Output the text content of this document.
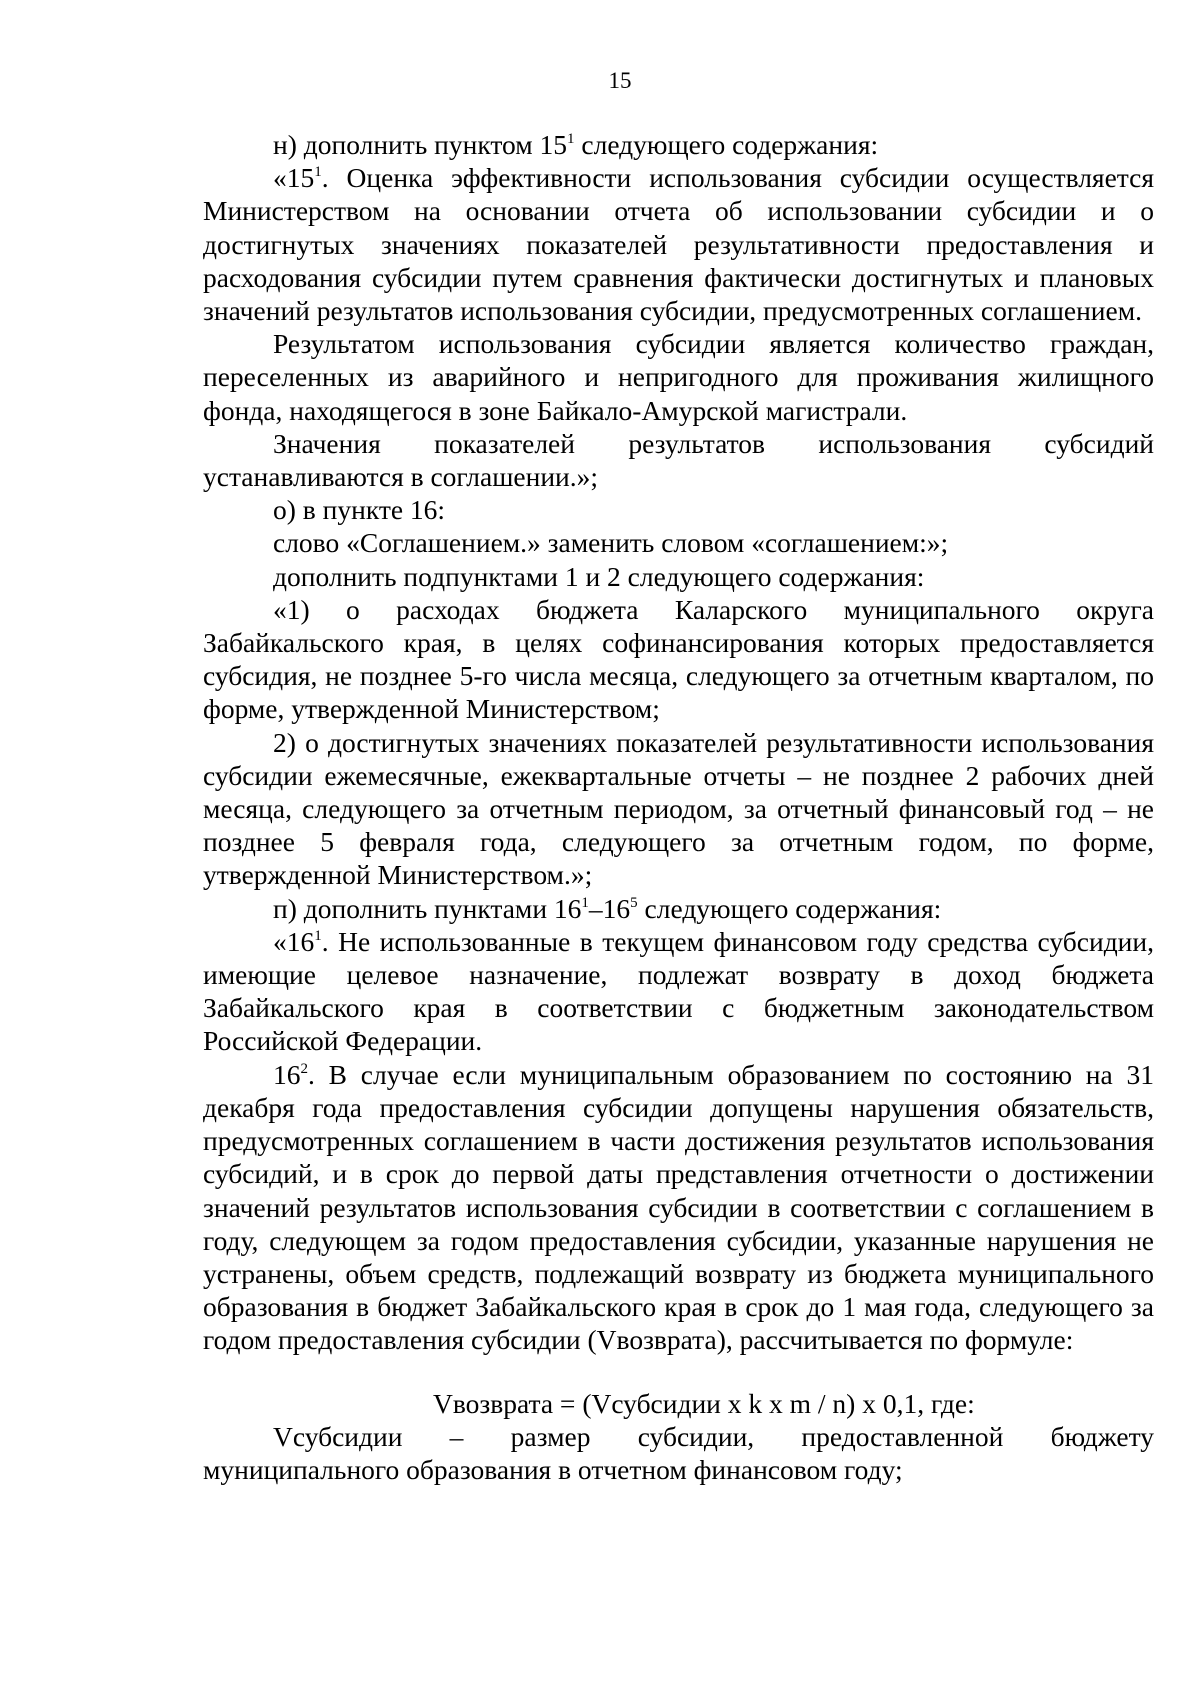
15

н) дополнить пунктом $15^1$ следующего содержания:

«$15^1$. Оценка эффективности использования субсидии осуществляется Министерством на основании отчета об использовании субсидии и о достигнутых значениях показателей результативности предоставления и расходования субсидии путем сравнения фактически достигнутых и плановых значений результатов использования субсидии, предусмотренных соглашением.

Результатом использования субсидии является количество граждан, переселенных из аварийного и непригодного для проживания жилищного фонда, находящегося в зоне Байкало-Амурской магистрали.

Значения показателей результатов использования субсидий устанавливаются в соглашении.»;

о) в пункте 16:

слово «Соглашением.» заменить словом «соглашением:»;

дополнить подпунктами 1 и 2 следующего содержания:

«1) о расходах бюджета Каларского муниципального округа Забайкальского края, в целях софинансирования которых предоставляется субсидия, не позднее 5-го числа месяца, следующего за отчетным кварталом, по форме, утвержденной Министерством;

2) о достигнутых значениях показателей результативности использования субсидии ежемесячные, ежеквартальные отчеты – не позднее 2 рабочих дней месяца, следующего за отчетным периодом, за отчетный финансовый год – не позднее 5 февраля года, следующего за отчетным годом, по форме, утвержденной Министерством.»;

п) дополнить пунктами $16^1-16^5$ следующего содержания:

«$16^1$. Не использованные в текущем финансовом году средства субсидии, имеющие целевое назначение, подлежат возврату в доход бюджета Забайкальского края в соответствии с бюджетным законодательством Российской Федерации.

$16^2$. В случае если муниципальным образованием по состоянию на 31 декабря года предоставления субсидии допущены нарушения обязательств, предусмотренных соглашением в части достижения результатов использования субсидий, и в срок до первой даты представления отчетности о достижении значений результатов использования субсидии в соответствии с соглашением в году, следующем за годом предоставления субсидии, указанные нарушения не устранены, объем средств, подлежащий возврату из бюджета муниципального образования в бюджет Забайкальского края в срок до 1 мая года, следующего за годом предоставления субсидии (Vвозврата), рассчитывается по формуле:

Vвозврата = (Vсубсидии x k x m / n) x 0,1, где:

Vсубсидии – размер субсидии, предоставленной бюджету муниципального образования в отчетном финансовом году;
